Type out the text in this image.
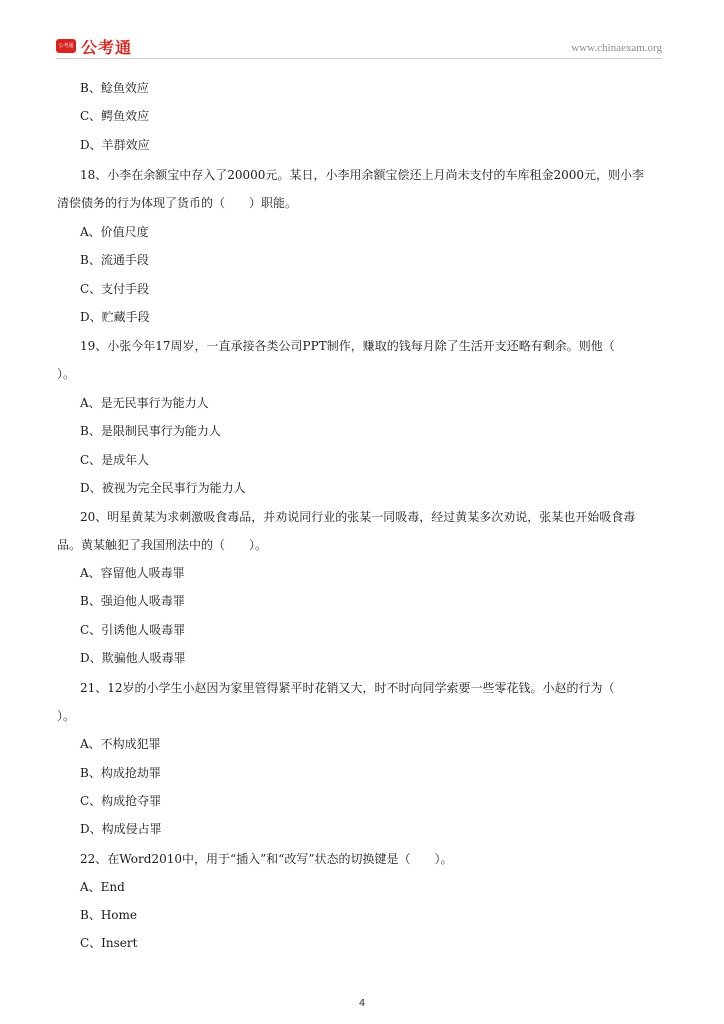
公考通 公考通	www.chinaexam.org
B、鲶鱼效应
C、鳄鱼效应
D、羊群效应
18、小李在余额宝中存入了20000元。某日，小李用余额宝偿还上月尚未支付的车库租金2000元，则小李
清偿债务的行为体现了货币的（　　）职能。
A、价值尺度
B、流通手段
C、支付手段
D、贮藏手段
19、小张今年17周岁，一直承接各类公司PPT制作，赚取的钱每月除了生活开支还略有剩余。则他（
）。
A、是无民事行为能力人
B、是限制民事行为能力人
C、是成年人
D、被视为完全民事行为能力人
20、明星黄某为求刺激吸食毒品，并劝说同行业的张某一同吸毒，经过黄某多次劝说，张某也开始吸食毒
品。黄某触犯了我国刑法中的（　　）。
A、容留他人吸毒罪
B、强迫他人吸毒罪
C、引诱他人吸毒罪
D、欺骗他人吸毒罪
21、12岁的小学生小赵因为家里管得紧平时花销又大，时不时向同学索要一些零花钱。小赵的行为（
）。
A、不构成犯罪
B、构成抢劫罪
C、构成抢夺罪
D、构成侵占罪
22、在Word2010中，用于“插入”和“改写”状态的切换键是（　　）。
A、End
B、Home
C、Insert
4
